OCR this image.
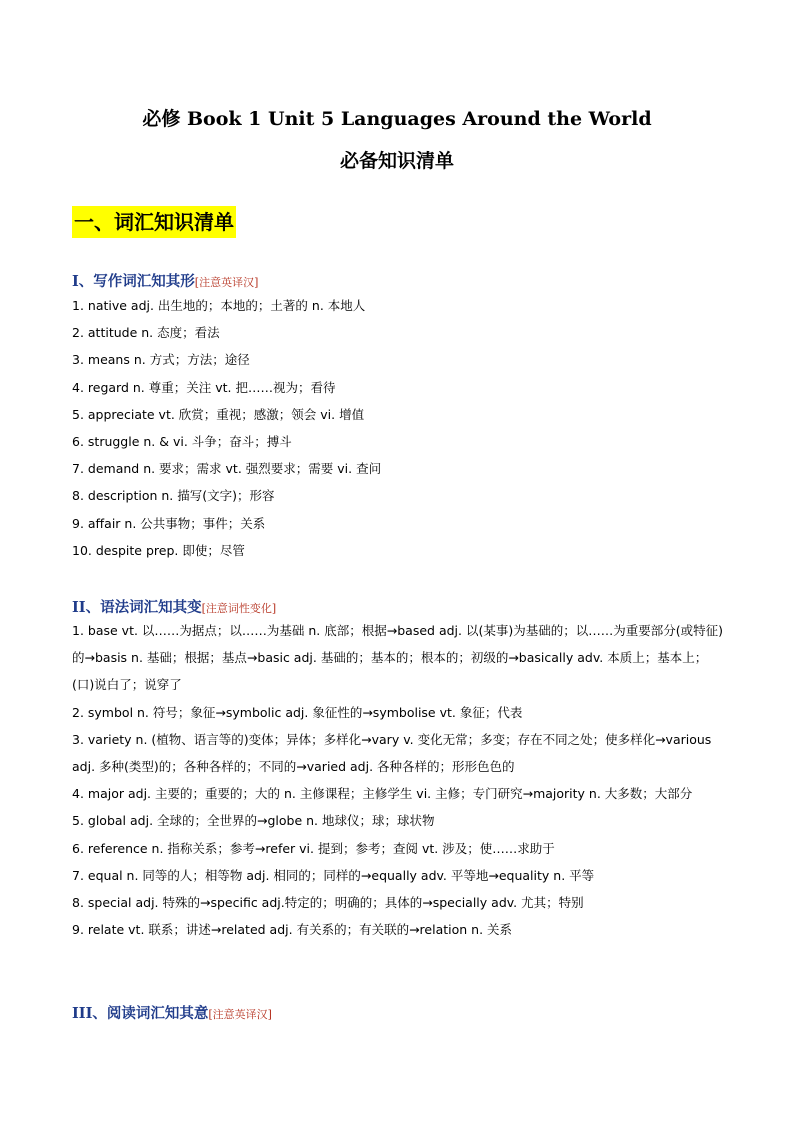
必修 Book 1 Unit 5 Languages Around the World
必备知识清单
一、词汇知识清单
I、写作词汇知其形[注意英译汉]
1. native adj. 出生地的；本地的；土著的 n. 本地人
2. attitude n. 态度；看法
3. means n. 方式；方法；途径
4. regard n. 尊重；关注 vt. 把……视为；看待
5. appreciate vt. 欣赏；重视；感激；领会 vi. 增值
6. struggle n. & vi. 斗争；奋斗；搏斗
7. demand n. 要求；需求 vt. 强烈要求；需要 vi. 查问
8. description n. 描写(文字)；形容
9. affair n. 公共事物；事件；关系
10. despite prep. 即使；尽管
II、语法词汇知其变[注意词性变化]
1. base vt. 以……为据点；以……为基础 n. 底部；根据→based adj. 以(某事)为基础的；以……为重要部分(或特征)的→basis n. 基础；根据；基点→basic adj. 基础的；基本的；根本的；初级的→basically adv. 本质上；基本上；(口)说白了；说穿了
2. symbol n. 符号；象征→symbolic adj. 象征性的→symbolise vt. 象征；代表
3. variety n. (植物、语言等的)变体；异体；多样化→vary v. 变化无常；多变；存在不同之处；使多样化→various adj. 多种(类型)的；各种各样的；不同的→varied adj. 各种各样的；形形色色的
4. major adj. 主要的；重要的；大的 n. 主修课程；主修学生 vi. 主修；专门研究→majority n. 大多数；大部分
5. global adj. 全球的；全世界的→globe n. 地球仪；球；球状物
6. reference n. 指称关系；参考→refer vi. 提到；参考；查阅 vt. 涉及；使……求助于
7. equal n. 同等的人；相等物 adj. 相同的；同样的→equally adv. 平等地→equality n. 平等
8. special adj. 特殊的→specific adj.特定的；明确的；具体的→specially adv. 尤其；特别
9. relate vt. 联系；讲述→related adj. 有关系的；有关联的→relation n. 关系
III、阅读词汇知其意[注意英译汉]
